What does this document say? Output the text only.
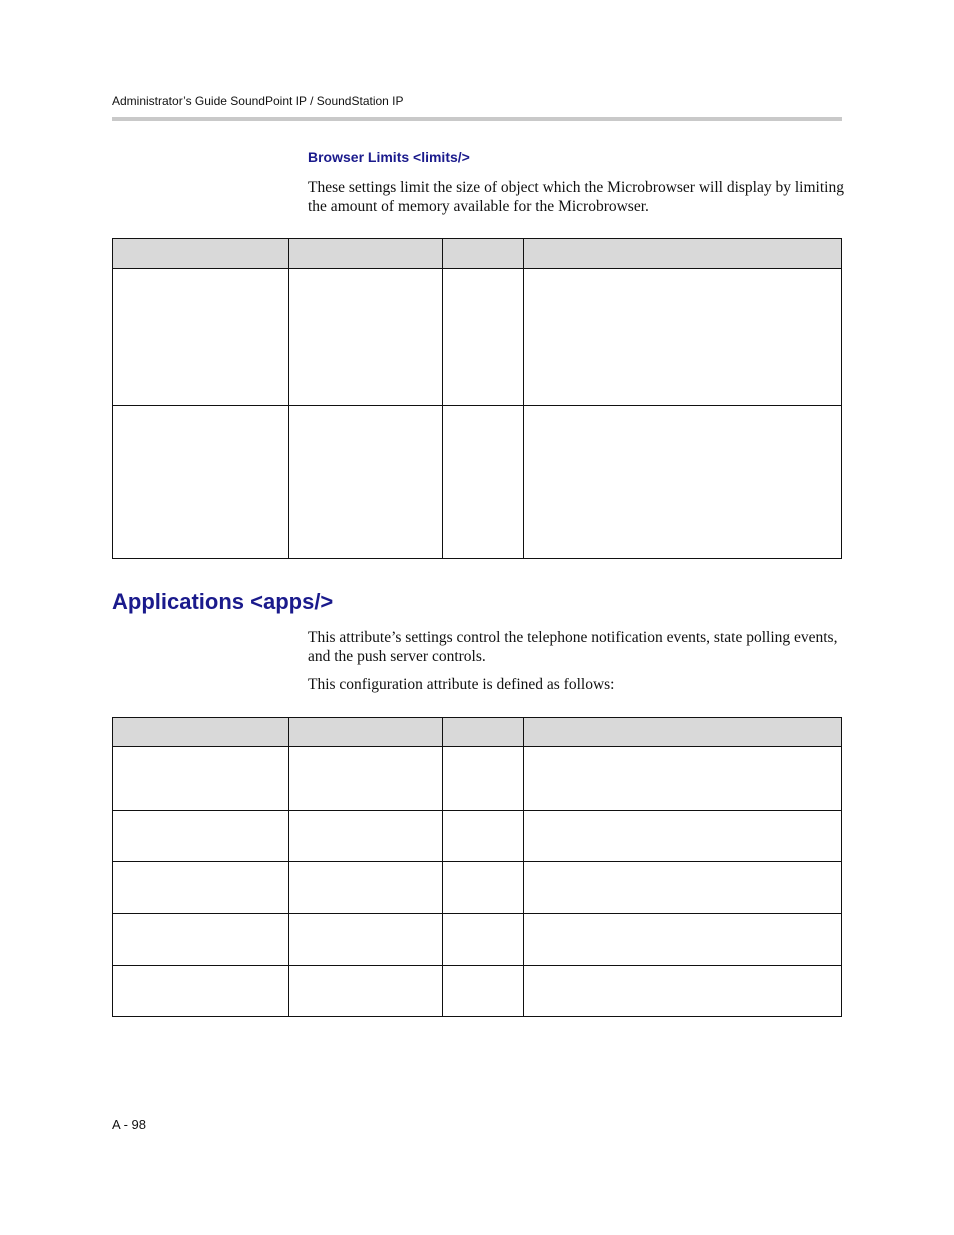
Administrator’s Guide SoundPoint IP / SoundStation IP
Browser Limits <limits/>
These settings limit the size of object which the Microbrowser will display by limiting the amount of memory available for the Microbrowser.

Applications <apps/>
This attribute’s settings control the telephone notification events, state polling events, and the push server controls.
This configuration attribute is defined as follows:

A - 98
